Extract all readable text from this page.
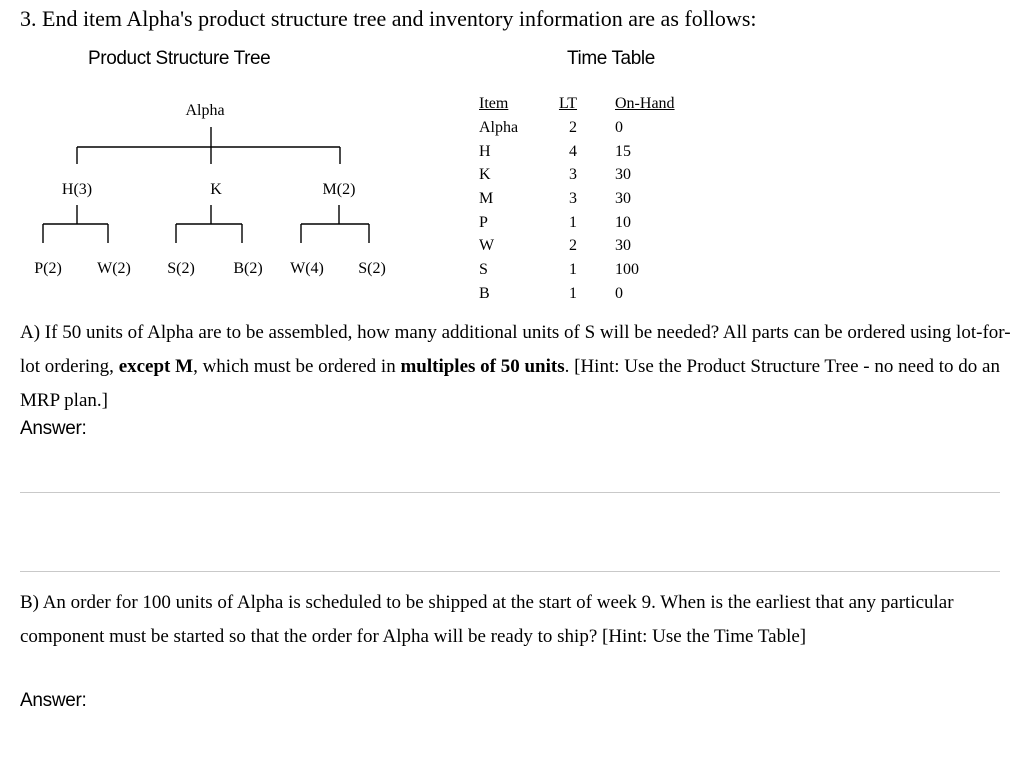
3. End item Alpha's product structure tree and inventory information are as follows:
Product Structure Tree	Time Table
Alpha
H(3)	K	M(2)
P(2) W(2) S(2) B(2) W(4) S(2)
Item	LT	On-Hand
Alpha	2	0
H	4	15
K	3	30
M	3	30
P	1	10
W	2	30
S	1	100
B	1	0
A) If 50 units of Alpha are to be assembled, how many additional units of S will be needed? All parts can be ordered using lot-for-lot ordering, except M, which must be ordered in multiples of 50 units. [Hint: Use the Product Structure Tree - no need to do an MRP plan.]
Answer:
B) An order for 100 units of Alpha is scheduled to be shipped at the start of week 9. When is the earliest that any particular component must be started so that the order for Alpha will be ready to ship? [Hint: Use the Time Table]
Answer:
